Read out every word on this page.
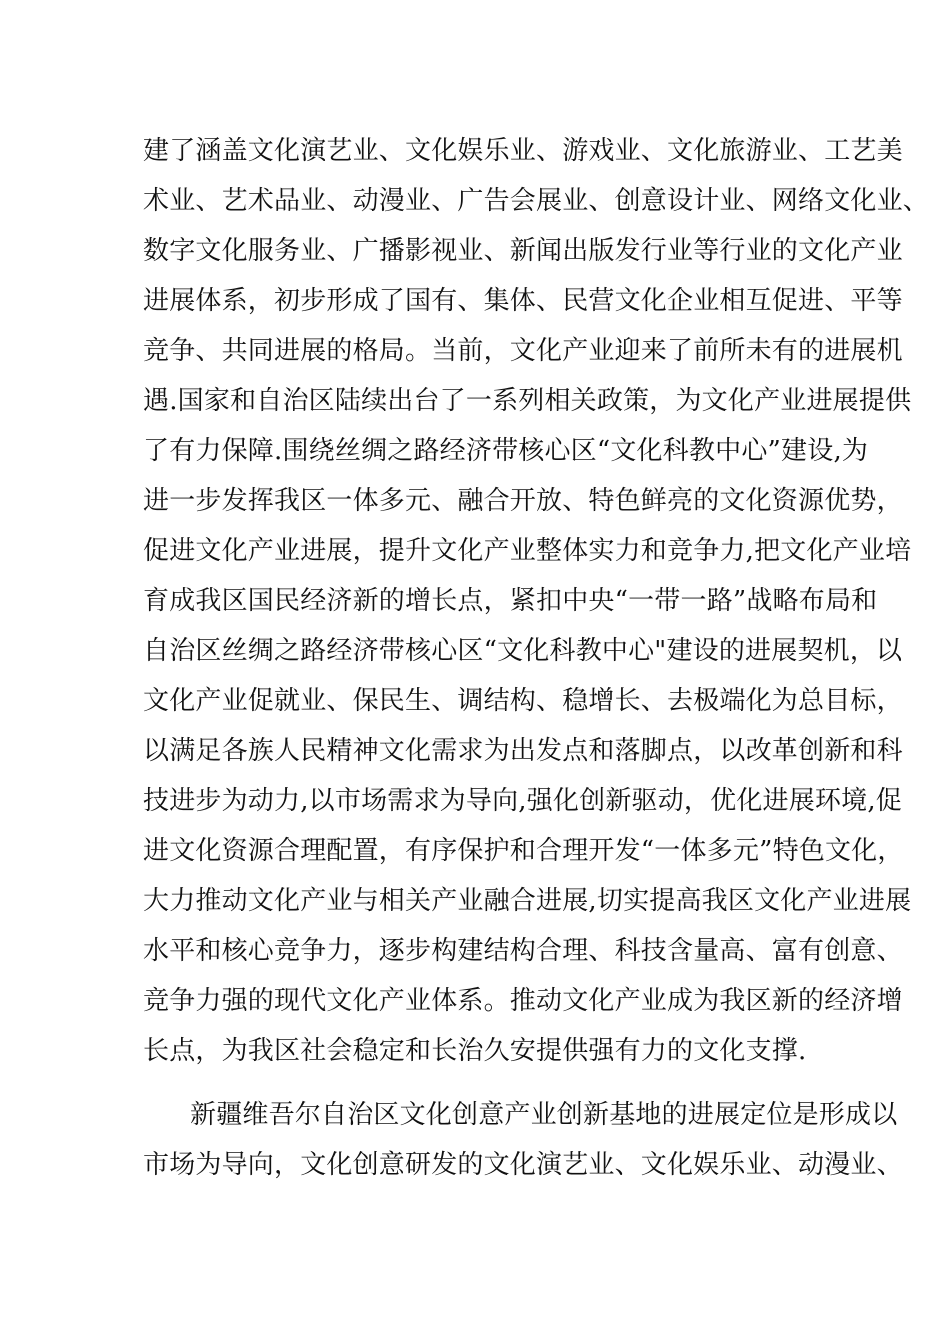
建了涵盖文化演艺业、文化娱乐业、游戏业、文化旅游业、工艺美
术业、艺术品业、动漫业、广告会展业、创意设计业、网络文化业、
数字文化服务业、广播影视业、新闻出版发行业等行业的文化产业
进展体系，初步形成了国有、集体、民营文化企业相互促进、平等
竞争、共同进展的格局。当前，文化产业迎来了前所未有的进展机
遇.国家和自治区陆续出台了一系列相关政策，为文化产业进展提供
了有力保障.围绕丝绸之路经济带核心区“文化科教中心”建设,为
进一步发挥我区一体多元、融合开放、特色鲜亮的文化资源优势，
促进文化产业进展，提升文化产业整体实力和竞争力,把文化产业培
育成我区国民经济新的增长点，紧扣中央“一带一路”战略布局和
自治区丝绸之路经济带核心区“文化科教中心"建设的进展契机，以
文化产业促就业、保民生、调结构、稳增长、去极端化为总目标，
以满足各族人民精神文化需求为出发点和落脚点，以改革创新和科
技进步为动力,以市场需求为导向,强化创新驱动，优化进展环境,促
进文化资源合理配置，有序保护和合理开发“一体多元”特色文化，
大力推动文化产业与相关产业融合进展,切实提高我区文化产业进展
水平和核心竞争力，逐步构建结构合理、科技含量高、富有创意、
竞争力强的现代文化产业体系。推动文化产业成为我区新的经济增
长点，为我区社会稳定和长治久安提供强有力的文化支撑.
新疆维吾尔自治区文化创意产业创新基地的进展定位是形成以
市场为导向，文化创意研发的文化演艺业、文化娱乐业、动漫业、
